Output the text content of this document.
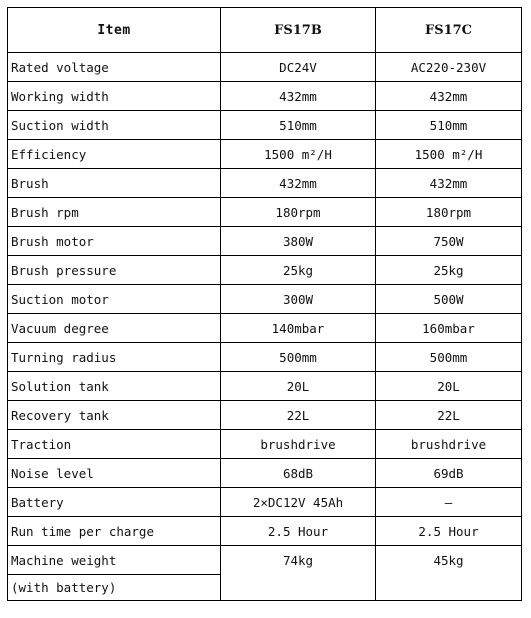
Item	FS17B	FS17C
Rated voltage	DC24V	AC220-230V
Working width	432mm	432mm
Suction width	510mm	510mm
Efficiency	1500 m²/H	1500 m²/H
Brush	432mm	432mm
Brush rpm	180rpm	180rpm
Brush motor	380W	750W
Brush pressure	25kg	25kg
Suction motor	300W	500W
Vacuum degree	140mbar	160mbar
Turning radius	500mm	500mm
Solution tank	20L	20L
Recovery tank	22L	22L
Traction	brushdrive	brushdrive
Noise level	68dB	69dB
Battery	2×DC12V 45Ah	–
Run time per charge	2.5 Hour	2.5 Hour
Machine weight	74kg	45kg
(with battery)		
